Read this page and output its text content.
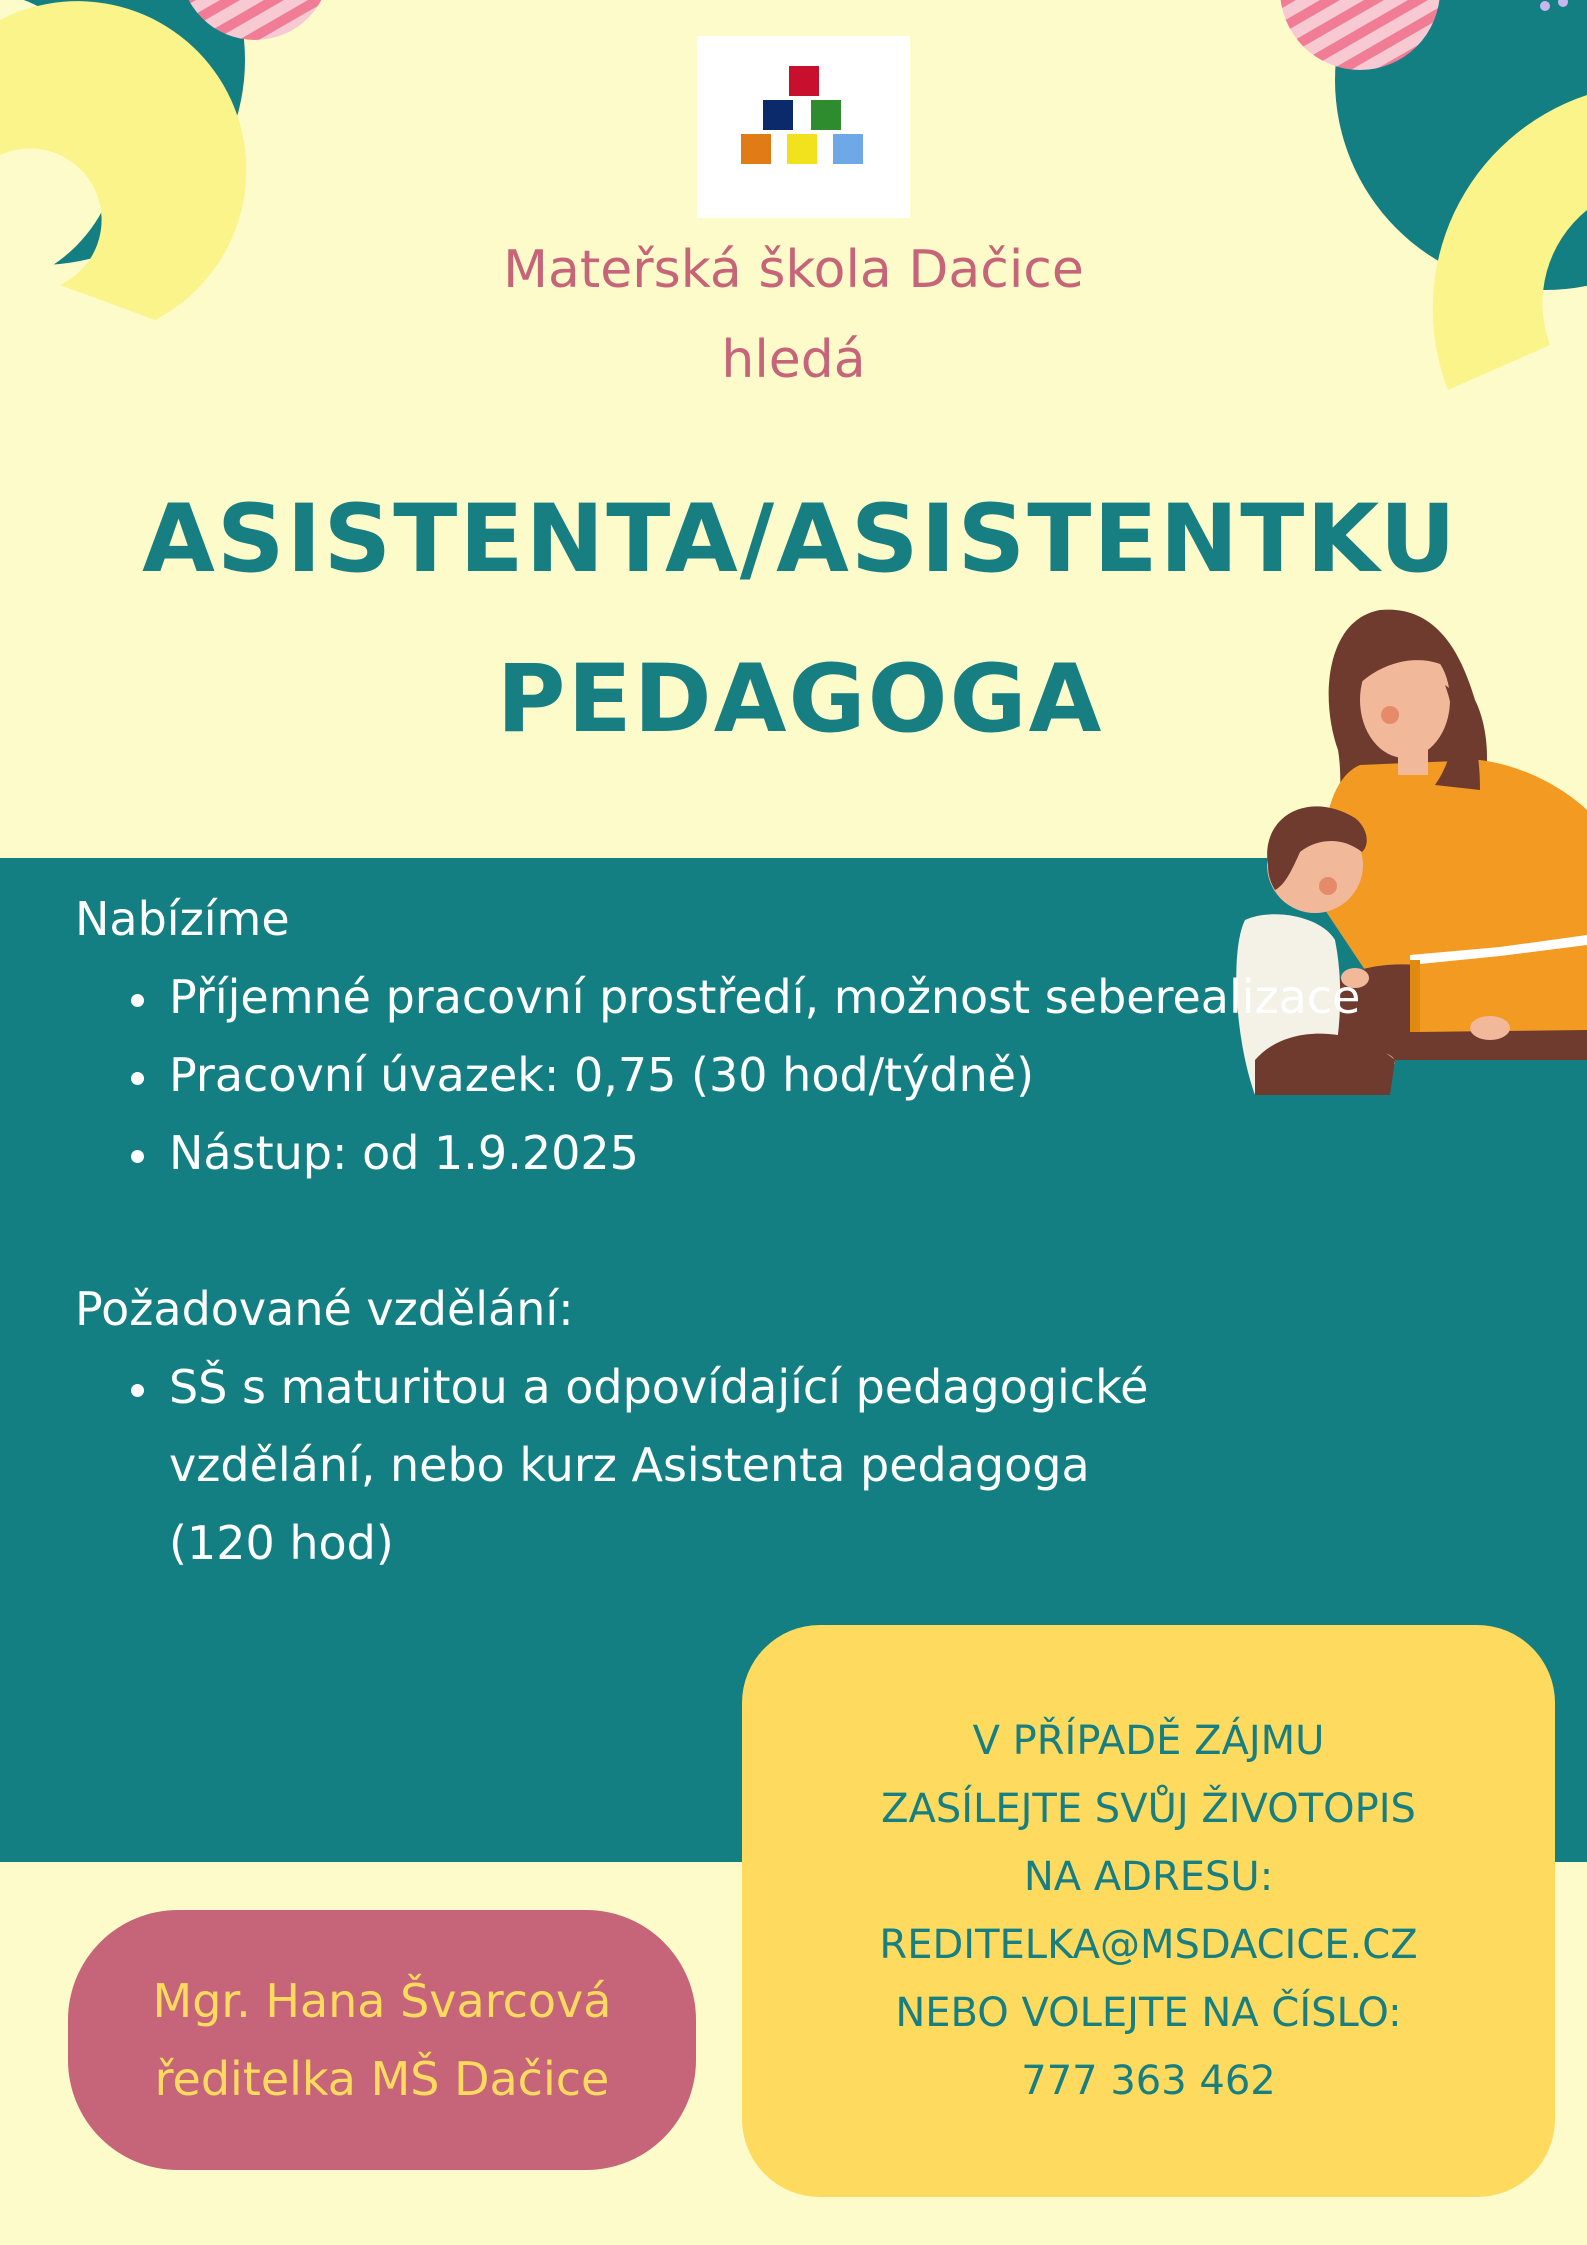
Mateřská škola Dačice
hledá
ASISTENTA/ASISTENTKU
PEDAGOGA

Nabízíme

Příjemné pracovní prostředí, možnost seberealizace
Pracovní úvazek: 0,75 (30 hod/týdně)
Nástup: od 1.9.2025

Požadované vzdělání:

SŠ s maturitou a odpovídající pedagogické vzdělání, nebo kurz Asistenta pedagoga (120 hod)
V PŘÍPADĚ ZÁJMU
ZASÍLEJTE SVŮJ ŽIVOTOPIS
NA ADRESU:
REDITELKA@MSDACICE.CZ
NEBO VOLEJTE NA ČÍSLO:
777 363 462
Mgr. Hana Švarcová
ředitelka MŠ Dačice
